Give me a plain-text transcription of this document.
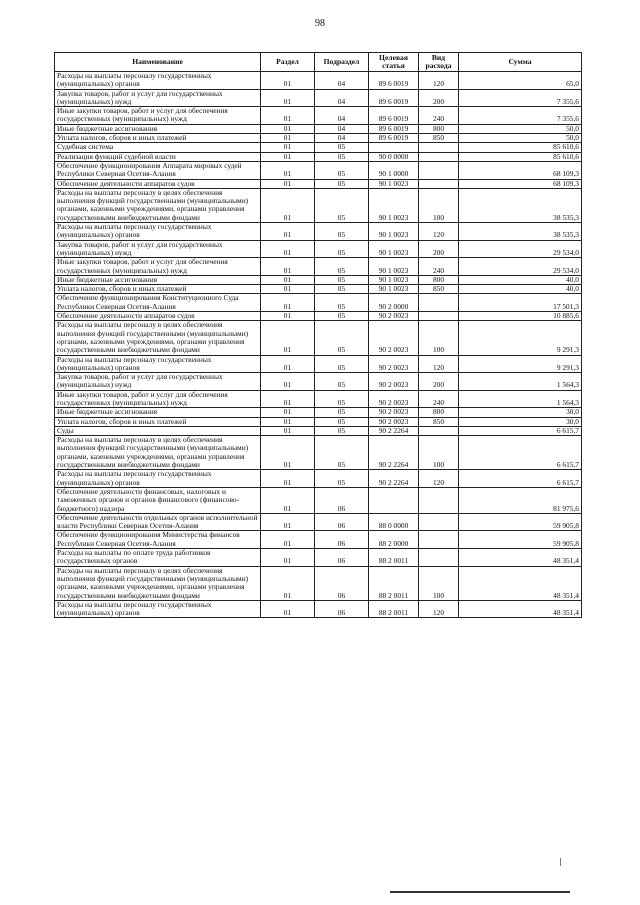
98
Наименование	Раздел	Подраздел	Целевая статья	Вид расхода	Сумма
Расходы на выплаты персоналу государственных (муниципальных) органов	01	04	89 6 0019	120	65,0
Закупка товаров, работ и услуг для государственных (муниципальных) нужд	01	04	89 6 0019	200	7 355,6
Иные закупки товаров, работ и услуг для обеспечения государственных (муниципальных) нужд	01	04	89 6 0019	240	7 355,6
Иные бюджетные ассигнования	01	04	89 6 0019	800	50,0
Уплата налогов, сборов и иных платежей	01	04	89 6 0019	850	50,0
Судебная система	01	05			85 610,6
Реализация функций судебной власти	01	05	90 0 0000		85 610,6
Обеспечение функционирования Аппарата мировых судей Республики Северная Осетия-Алания	01	05	90 1 0000		68 109,3
Обеспечение деятельности аппаратов судов	01	05	90 1 0023		68 109,3
Расходы на выплаты персоналу в целях обеспечения выполнения функций государственными (муниципальными) органами, казенными учреждениями, органами управления государственными внебюджетными фондами	01	05	90 1 0023	100	38 535,3
Расходы на выплаты персоналу государственных (муниципальных) органов	01	05	90 1 0023	120	38 535,3
Закупка товаров, работ и услуг для государственных (муниципальных) нужд	01	05	90 1 0023	200	29 534,0
Иные закупки товаров, работ и услуг для обеспечения государственных (муниципальных) нужд	01	05	90 1 0023	240	29 534,0
Иные бюджетные ассигнования	01	05	90 1 0023	800	40,0
Уплата налогов, сборов и иных платежей	01	05	90 1 0023	850	40,0
Обеспечение функционирования Конституционного Суда Республики Северная Осетия-Алания	01	05	90 2 0000		17 501,3
Обеспечение деятельности аппаратов судов	01	05	90 2 0023		10 885,6
Расходы на выплаты персоналу в целях обеспечения выполнения функций государственными (муниципальными) органами, казенными учреждениями, органами управления государственными внебюджетными фондами	01	05	90 2 0023	100	9 291,3
Расходы на выплаты персоналу государственных (муниципальных) органов	01	05	90 2 0023	120	9 291,3
Закупка товаров, работ и услуг для государственных (муниципальных) нужд	01	05	90 2 0023	200	1 564,3
Иные закупки товаров, работ и услуг для обеспечения государственных (муниципальных) нужд	01	05	90 2 0023	240	1 564,3
Иные бюджетные ассигнования	01	05	90 2 0023	800	30,0
Уплата налогов, сборов и иных платежей	01	05	90 2 0023	850	30,0
Суды	01	05	90 2 2264		6 615,7
Расходы на выплаты персоналу в целях обеспечения выполнения функций государственными (муниципальными) органами, казенными учреждениями, органами управления государственными внебюджетными фондами	01	05	90 2 2264	100	6 615,7
Расходы на выплаты персоналу государственных (муниципальных) органов	01	05	90 2 2264	120	6 615,7
Обеспечение деятельности финансовых, налоговых и таможенных органов и органов финансового (финансово-бюджетного) надзора	01	06			81 975,6
Обеспечение деятельности отдельных органов исполнительной власти Республики Северная Осетия-Алания	01	06	88 0 0000		59 905,8
Обеспечение функционирования Министерства финансов Республики Северная Осетия-Алания	01	06	88 2 0000		59 905,8
Расходы на выплаты по оплате труда работников государственных органов	01	06	88 2 0011		48 351,4
Расходы на выплаты персоналу в целях обеспечения выполнения функций государственными (муниципальными) органами, казенными учреждениями, органами управления государственными внебюджетными фондами	01	06	88 2 0011	100	48 351,4
Расходы на выплаты персоналу государственных (муниципальных) органов	01	06	88 2 0011	120	48 351,4
